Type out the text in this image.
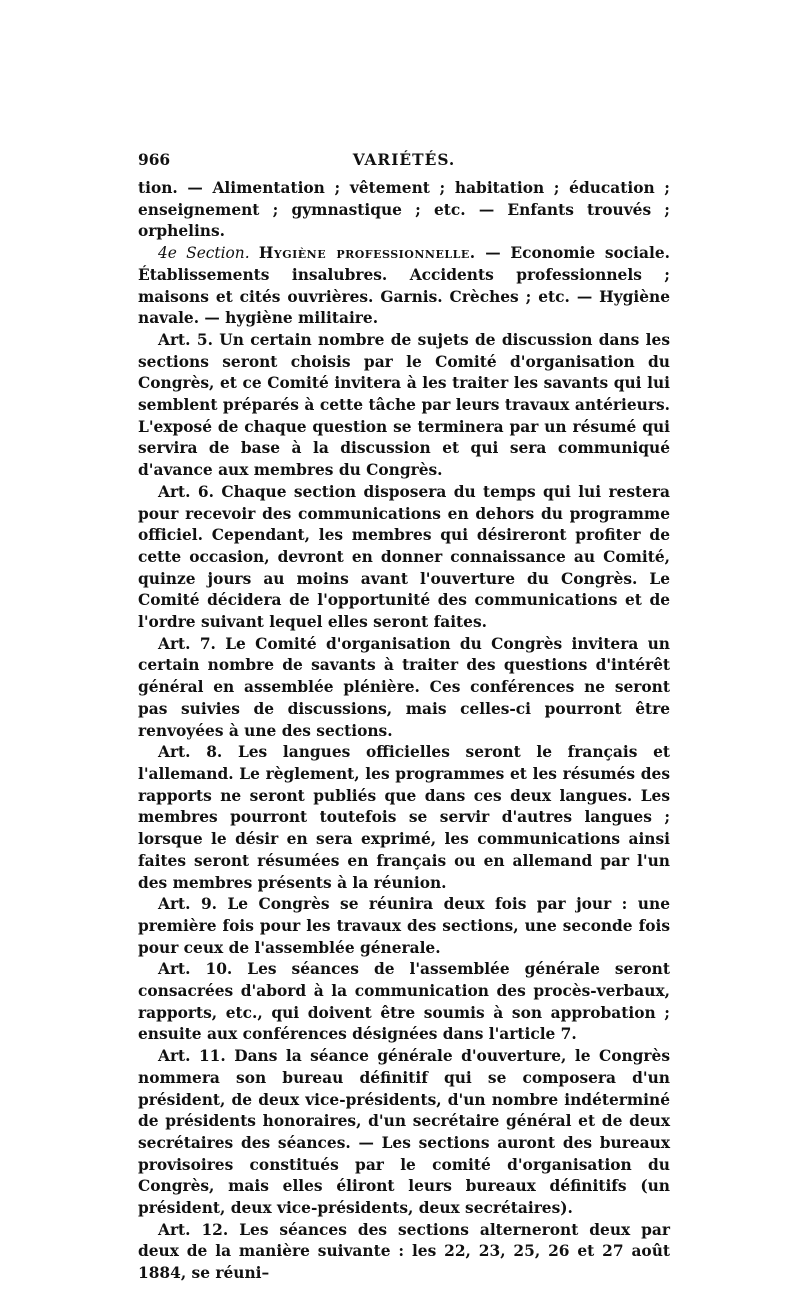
966	VARIÉTÉS.

tion. — Alimentation ; vêtement ; habitation ; éducation ; enseignement ; gymnastique ; etc. — Enfants trouvés ; orphelins.

4e Section. Hygiène professionnelle. — Economie sociale. Établissements insalubres. Accidents professionnels ; maisons et cités ouvrières. Garnis. Crèches ; etc. — Hygiène navale. — hygiène militaire.

Art. 5. Un certain nombre de sujets de discussion dans les sections seront choisis par le Comité d'organisation du Congrès, et ce Comité invitera à les traiter les savants qui lui semblent préparés à cette tâche par leurs travaux antérieurs. L'exposé de chaque question se terminera par un résumé qui servira de base à la discussion et qui sera communiqué d'avance aux membres du Congrès.

Art. 6. Chaque section disposera du temps qui lui restera pour recevoir des communications en dehors du programme officiel. Cependant, les membres qui désireront profiter de cette occasion, devront en donner connaissance au Comité, quinze jours au moins avant l'ouverture du Congrès. Le Comité décidera de l'opportunité des communications et de l'ordre suivant lequel elles seront faites.

Art. 7. Le Comité d'organisation du Congrès invitera un certain nombre de savants à traiter des questions d'intérêt général en assemblée plénière. Ces conférences ne seront pas suivies de discussions, mais celles-ci pourront être renvoyées à une des sections.

Art. 8. Les langues officielles seront le français et l'allemand. Le règlement, les programmes et les résumés des rapports ne seront publiés que dans ces deux langues. Les membres pourront toutefois se servir d'autres langues ; lorsque le désir en sera exprimé, les communications ainsi faites seront résumées en français ou en allemand par l'un des membres présents à la réunion.

Art. 9. Le Congrès se réunira deux fois par jour : une première fois pour les travaux des sections, une seconde fois pour ceux de l'assemblée génerale.

Art. 10. Les séances de l'assemblée générale seront consacrées d'abord à la communication des procès-verbaux, rapports, etc., qui doivent être soumis à son approbation ; ensuite aux conférences désignées dans l'article 7.

Art. 11. Dans la séance générale d'ouverture, le Congrès nommera son bureau définitif qui se composera d'un président, de deux vice-présidents, d'un nombre indéterminé de présidents honoraires, d'un secrétaire général et de deux secrétaires des séances. — Les sections auront des bureaux provisoires constitués par le comité d'organisation du Congrès, mais elles éliront leurs bureaux définitifs (un président, deux vice-présidents, deux secrétaires).

Art. 12. Les séances des sections alterneront deux par deux de la manière suivante : les 22, 23, 25, 26 et 27 août 1884, se réuni–
